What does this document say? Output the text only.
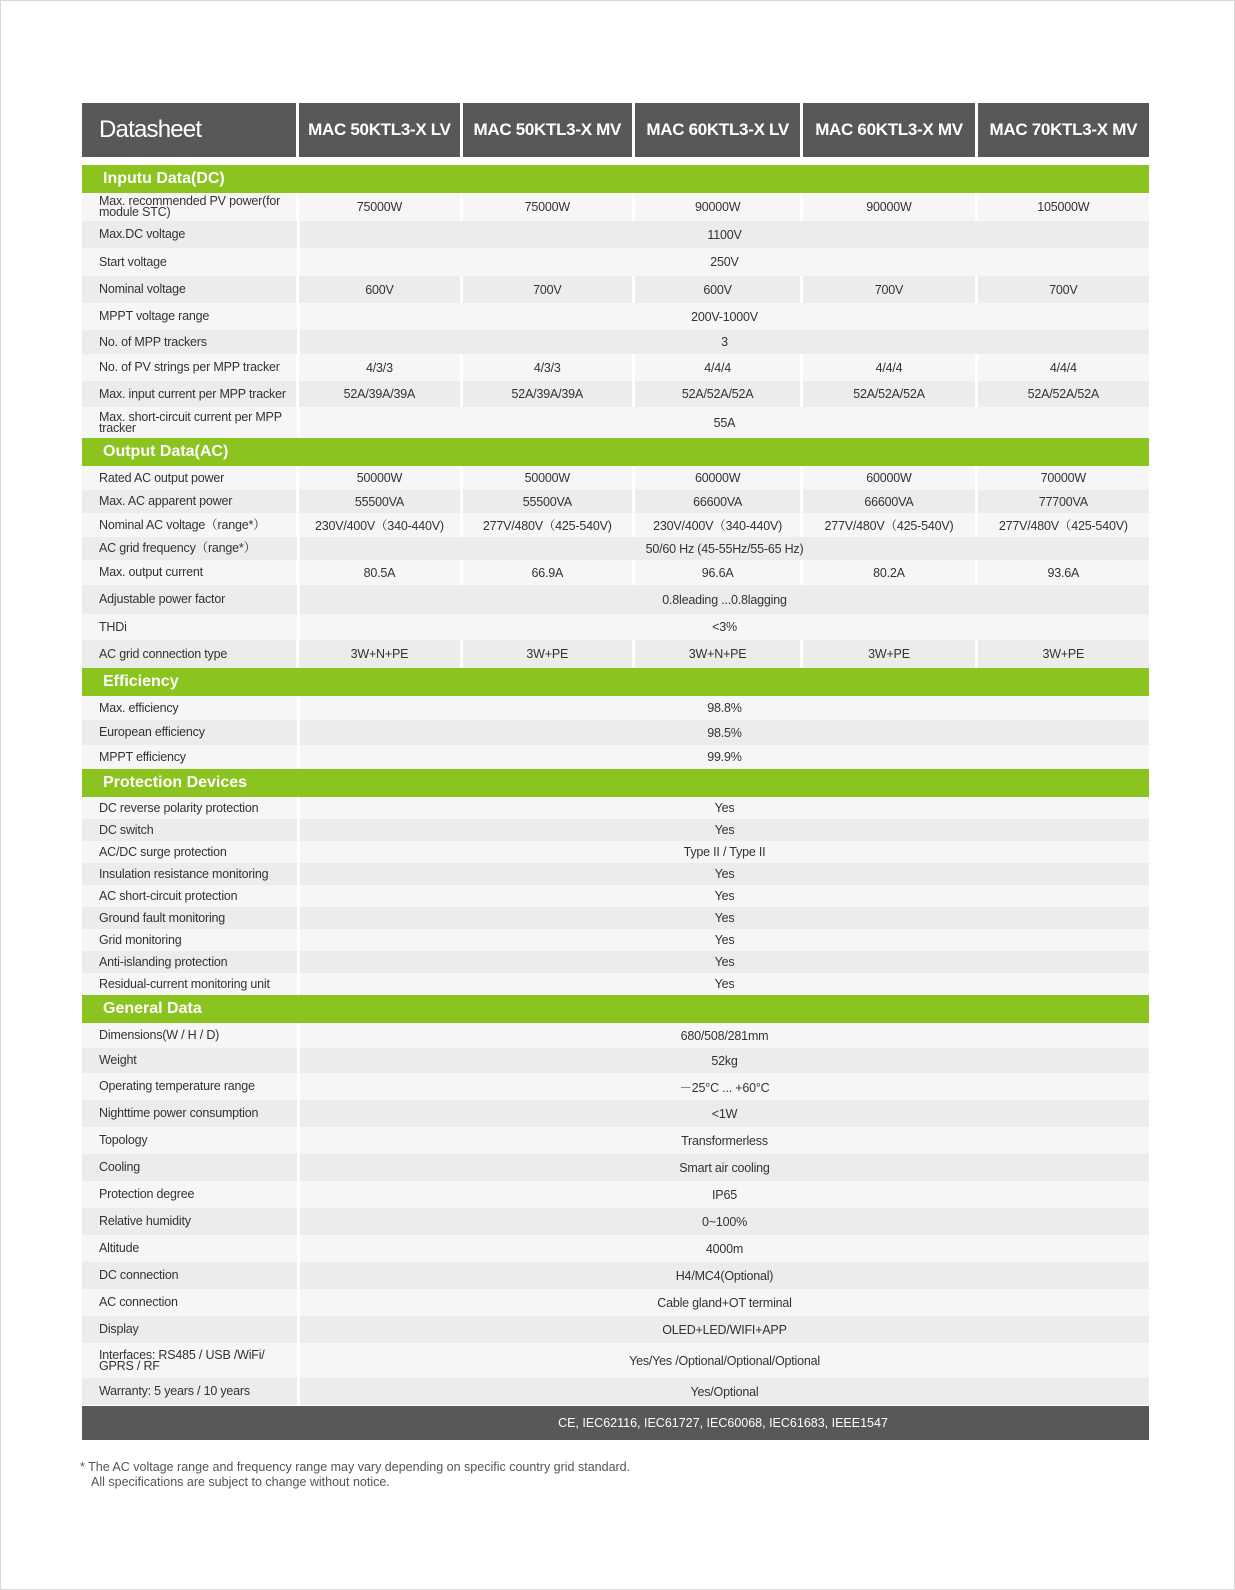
Datasheet	MAC 50KTL3-X LV	MAC 50KTL3-X MV	MAC 60KTL3-X LV	MAC 60KTL3-X MV	MAC 70KTL3-X MV
Inputu Data(DC)
Max. recommended PV power(for module STC)	75000W	75000W	90000W	90000W	105000W
Max.DC voltage	1100V
Start voltage	250V
Nominal voltage	600V	700V	600V	700V	700V
MPPT voltage range	200V-1000V
No. of MPP trackers	3
No. of PV strings per MPP tracker	4/3/3	4/3/3	4/4/4	4/4/4	4/4/4
Max. input current per MPP tracker	52A/39A/39A	52A/39A/39A	52A/52A/52A	52A/52A/52A	52A/52A/52A
Max. short-circuit current per MPP tracker	55A
Output Data(AC)
Rated AC output power	50000W	50000W	60000W	60000W	70000W
Max. AC apparent power	55500VA	55500VA	66600VA	66600VA	77700VA
Nominal AC voltage（range*）	230V/400V（340-440V)	277V/480V（425-540V)	230V/400V（340-440V)	277V/480V（425-540V)	277V/480V（425-540V)
AC grid frequency（range*）	50/60 Hz (45-55Hz/55-65 Hz)
Max. output current	80.5A	66.9A	96.6A	80.2A	93.6A
Adjustable power factor	0.8leading ...0.8lagging
THDi	<3%
AC grid connection type	3W+N+PE	3W+PE	3W+N+PE	3W+PE	3W+PE
Efficiency
Max. efficiency	98.8%
European efficiency	98.5%
MPPT efficiency	99.9%
Protection Devices
DC reverse polarity protection	Yes
DC switch	Yes
AC/DC surge protection	Type II / Type II
Insulation resistance monitoring	Yes
AC short-circuit protection	Yes
Ground fault monitoring	Yes
Grid monitoring	Yes
Anti-islanding protection	Yes
Residual-current monitoring unit	Yes
General Data
Dimensions(W / H / D)	680/508/281mm
Weight	52kg
Operating temperature range	－25°C ... +60°C
Nighttime power consumption	<1W
Topology	Transformerless
Cooling	Smart air cooling
Protection degree	IP65
Relative humidity	0~100%
Altitude	4000m
DC connection	H4/MC4(Optional)
AC connection	Cable gland+OT terminal
Display	OLED+LED/WIFI+APP
Interfaces: RS485 / USB /WiFi/ GPRS / RF	Yes/Yes /Optional/Optional/Optional
Warranty: 5 years / 10 years	Yes/Optional
CE, IEC62116, IEC61727, IEC60068, IEC61683, IEEE1547
* The AC voltage range and frequency range may vary depending on specific country grid standard.
All specifications are subject to change without notice.
